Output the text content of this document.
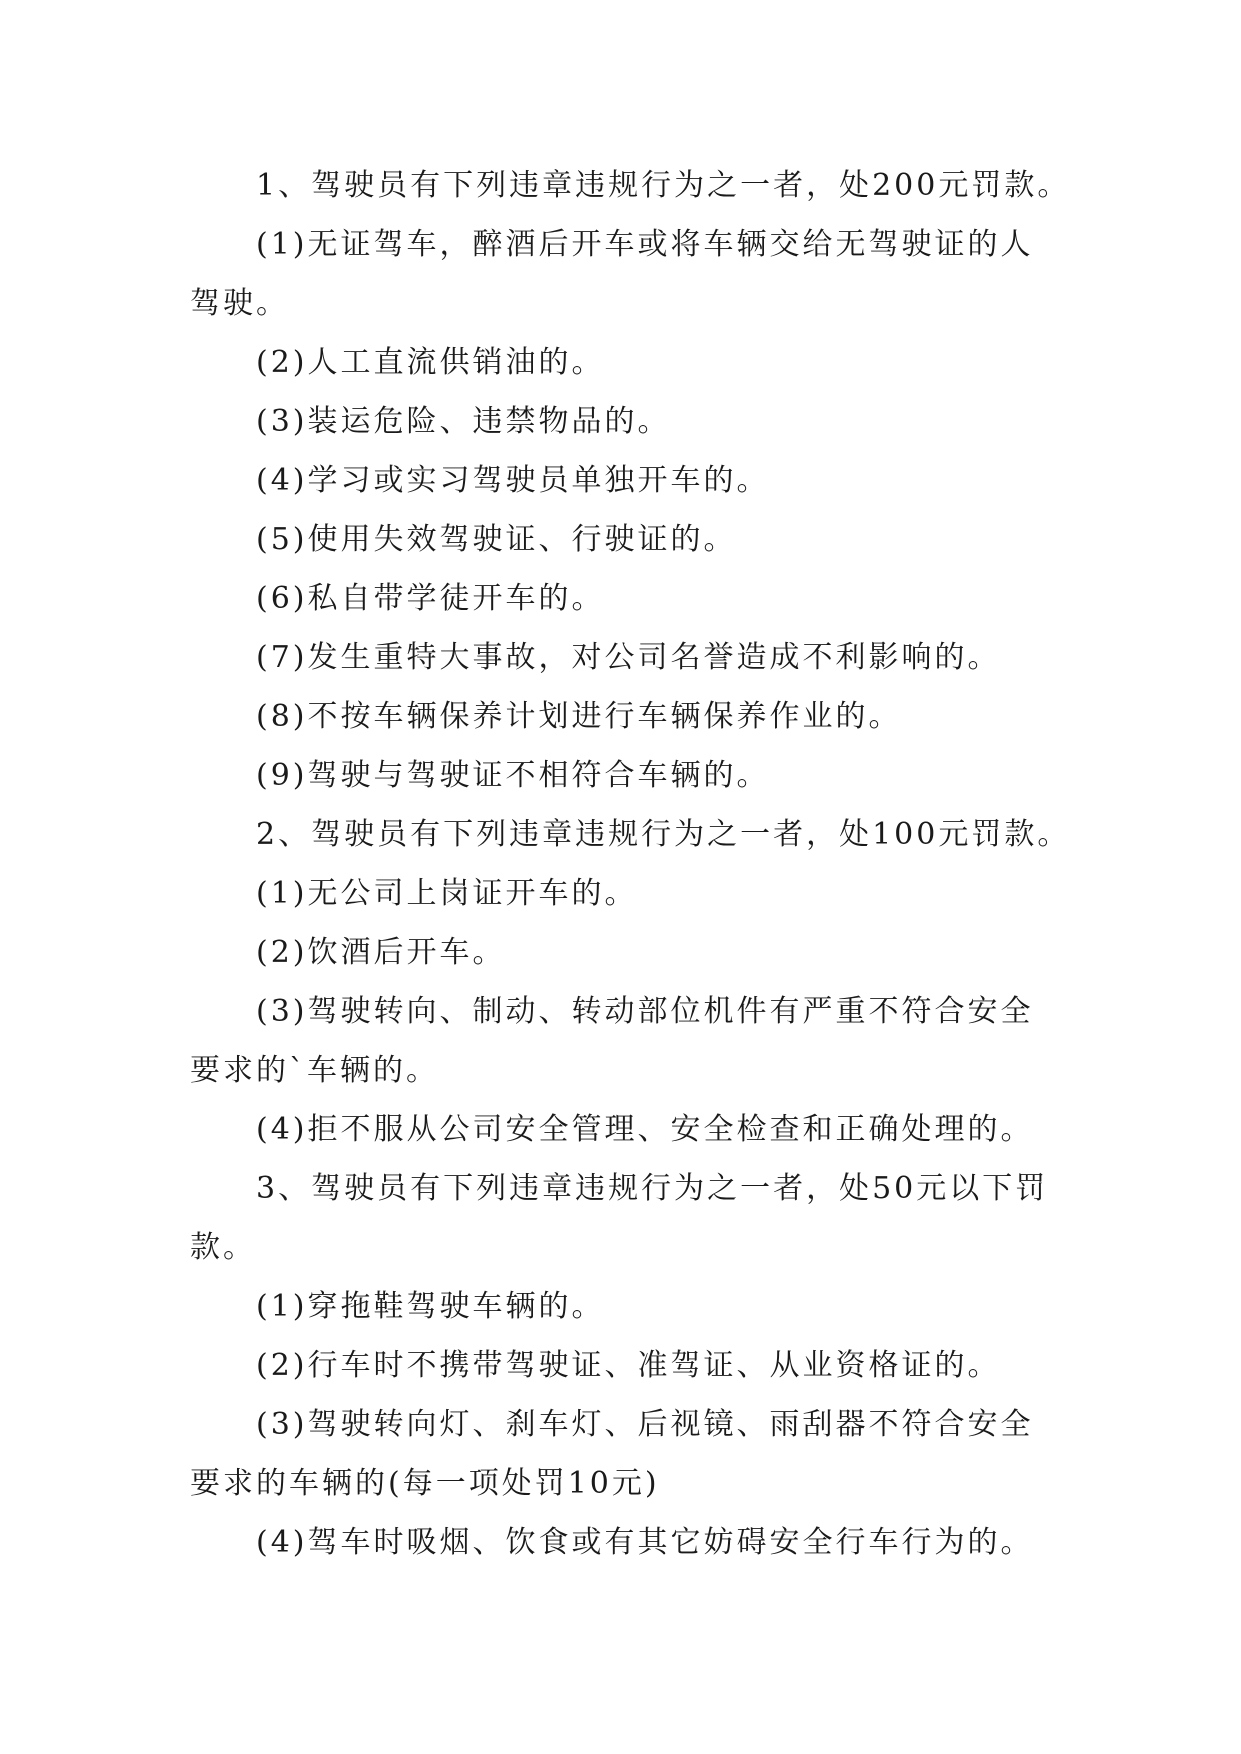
1、驾驶员有下列违章违规行为之一者，处200元罚款。
(1)无证驾车，醉酒后开车或将车辆交给无驾驶证的人
驾驶。
(2)人工直流供销油的。
(3)装运危险、违禁物品的。
(4)学习或实习驾驶员单独开车的。
(5)使用失效驾驶证、行驶证的。
(6)私自带学徒开车的。
(7)发生重特大事故，对公司名誉造成不利影响的。
(8)不按车辆保养计划进行车辆保养作业的。
(9)驾驶与驾驶证不相符合车辆的。
2、驾驶员有下列违章违规行为之一者，处100元罚款。
(1)无公司上岗证开车的。
(2)饮酒后开车。
(3)驾驶转向、制动、转动部位机件有严重不符合安全
要求的`车辆的。
(4)拒不服从公司安全管理、安全检查和正确处理的。
3、驾驶员有下列违章违规行为之一者，处50元以下罚
款。
(1)穿拖鞋驾驶车辆的。
(2)行车时不携带驾驶证、准驾证、从业资格证的。
(3)驾驶转向灯、刹车灯、后视镜、雨刮器不符合安全
要求的车辆的(每一项处罚10元)
(4)驾车时吸烟、饮食或有其它妨碍安全行车行为的。
